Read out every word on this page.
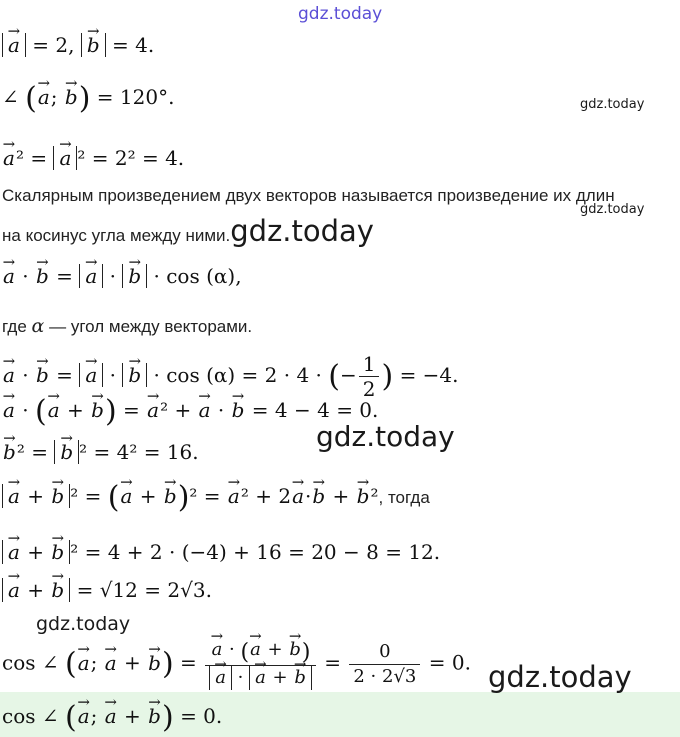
gdz.today
gdz.today
gdz.today
gdz.today
gdz.today
gdz.today
→ a = 2, → b = 4.
∠ (→ a; → b) = 120°.
→ a² = → a ² = 2² = 4.
Скалярным произведением двух векторов называется произведение их длин
на косинус угла между ними.gdz.today
→ a · → b = → a · → b · cos (α),
где α — угол между векторами.
→ a · → b = → a · → b · cos (α) = 2 · 4 · (− $\frac{1}{2}$ ) = −4.
→ a · (→ a + → b) = → a² + → a · → b = 4 − 4 = 0.
→ b² = → b ² = 4² = 16.
→ a + → b ² = (→ a + → b)² = → a² + 2→ a·→ b + → b², тогда
→ a + → b ² = 4 + 2 · (−4) + 16 = 20 − 8 = 12.
→ a + → b = √12 = 2√3.
cos ∠ (→ a; → a + → b) = → a · (→ a + → b)
→ a · → a + → $b = \frac{0}{2 \cdot 2√3} = 0$.
cos ∠ (→ a; → a + → b) = 0.
